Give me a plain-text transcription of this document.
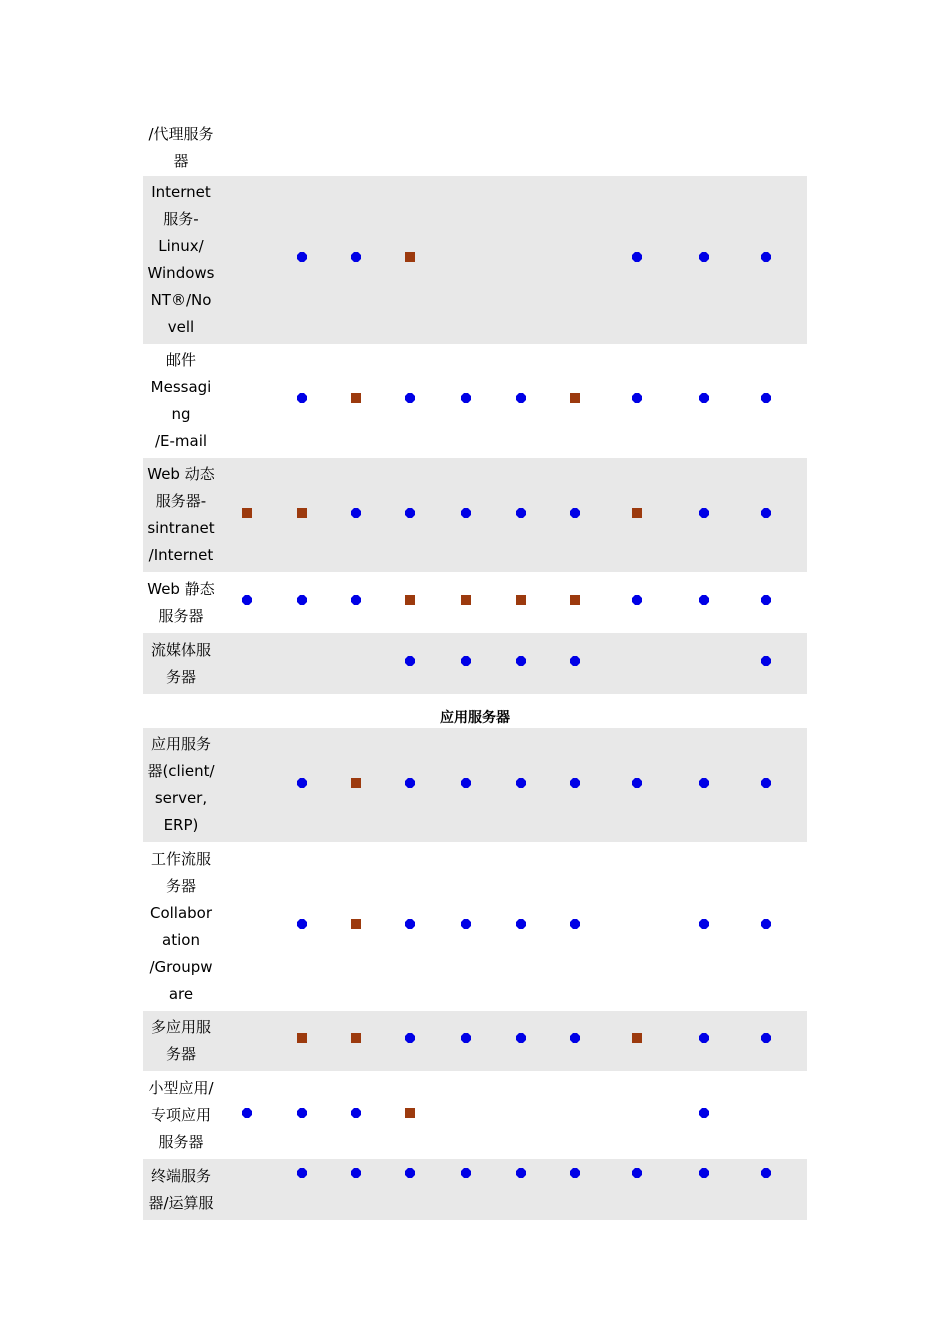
/代理服务
器
Internet
服务-
Linux/
Windows
NT®/No
vell
邮件
Messagi
ng
/E-mail
Web 动态
服务器-
sintranet
/Internet
Web 静态
服务器
流媒体服
务器
应用服务器
应用服务
器(client/
server,
ERP)
工作流服
务器
Collabor
ation
/Groupw
are
多应用服
务器
小型应用/
专项应用
服务器
终端服务
器/运算服
